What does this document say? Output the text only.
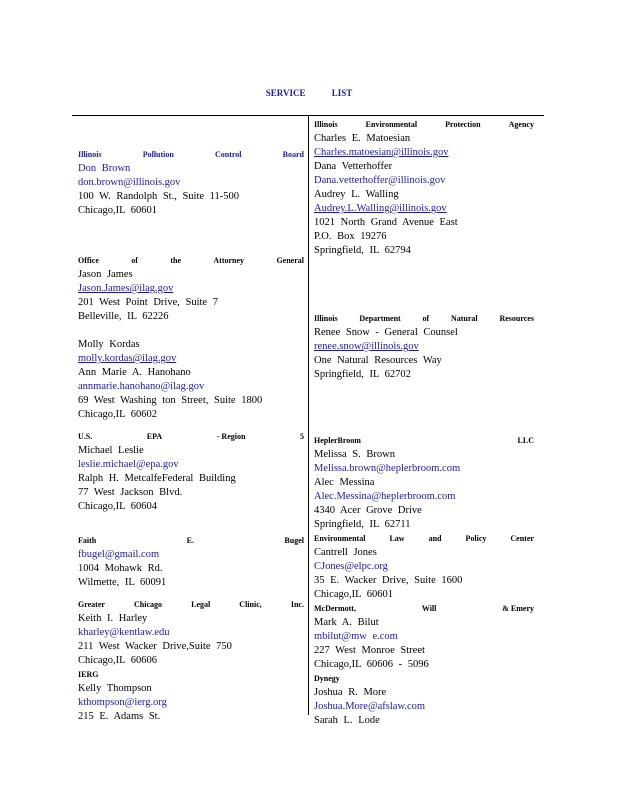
SERVICE LIST
Illinois	Pollution	Control	Board
Don Brown
don.brown@illinois.gov
100 W. Randolph St., Suite 11-500
Chicago,IL 60601
Office	of	the	Attorney	General
Jason James
Jason.James@ilag.gov
201 West Point Drive, Suite 7
Belleville, IL 62226

Molly Kordas
molly.kordas@ilag.gov
Ann Marie A. Hanohano
annmarie.hanohano@ilag.gov
69 West Washing ton Street, Suite 1800
Chicago,IL 60602
U.S.	EPA	- Region	5
Michael Leslie
leslie.michael@epa.gov
Ralph H. MetcalfeFederal Building
77 West Jackson Blvd.
Chicago,IL 60604
Faith	E.	Bugel
fbugel@gmail.com
1004 Mohawk Rd.
Wilmette, IL 60091
Greater	Chicago	Legal	Clinic,	Inc.
Keith I. Harley
kharley@kentlaw.edu
211 West Wacker Drive,Suite 750
Chicago,IL 60606
IERG
Kelly Thompson
kthompson@ierg.org
215 E. Adams St.
Illinois	Environmental	Protection	Agency
Charles E. Matoesian
Charles.matoesian@illinois.gov
Dana Vetterhoffer
Dana.vetterhoffer@illinois.gov
Audrey L. Walling
Audrey.L.Walling@illinois.gov
1021 North Grand Avenue East
P.O. Box 19276
Springfield, IL 62794
Illinois	Department	of	Natural	Resources
Renee Snow - General Counsel
renee.snow@illinois.gov
One Natural Resources Way
Springfield, IL 62702
HeplerBroom	LLC
Melissa S. Brown
Melissa.brown@heplerbroom.com
Alec Messina
Alec.Messina@heplerbroom.com
4340 Acer Grove Drive
Springfield, IL 62711
Environmental	Law	and	Policy	Center
Cantrell Jones
CJones@elpc.org
35 E. Wacker Drive, Suite 1600
Chicago,IL 60601
McDermott,	Will	& Emery
Mark A. Bilut
mbilut@mw e.com
227 West Monroe Street
Chicago,IL 60606 - 5096
Dynegy
Joshua R. More
Joshua.More@afslaw.com
Sarah L. Lode
